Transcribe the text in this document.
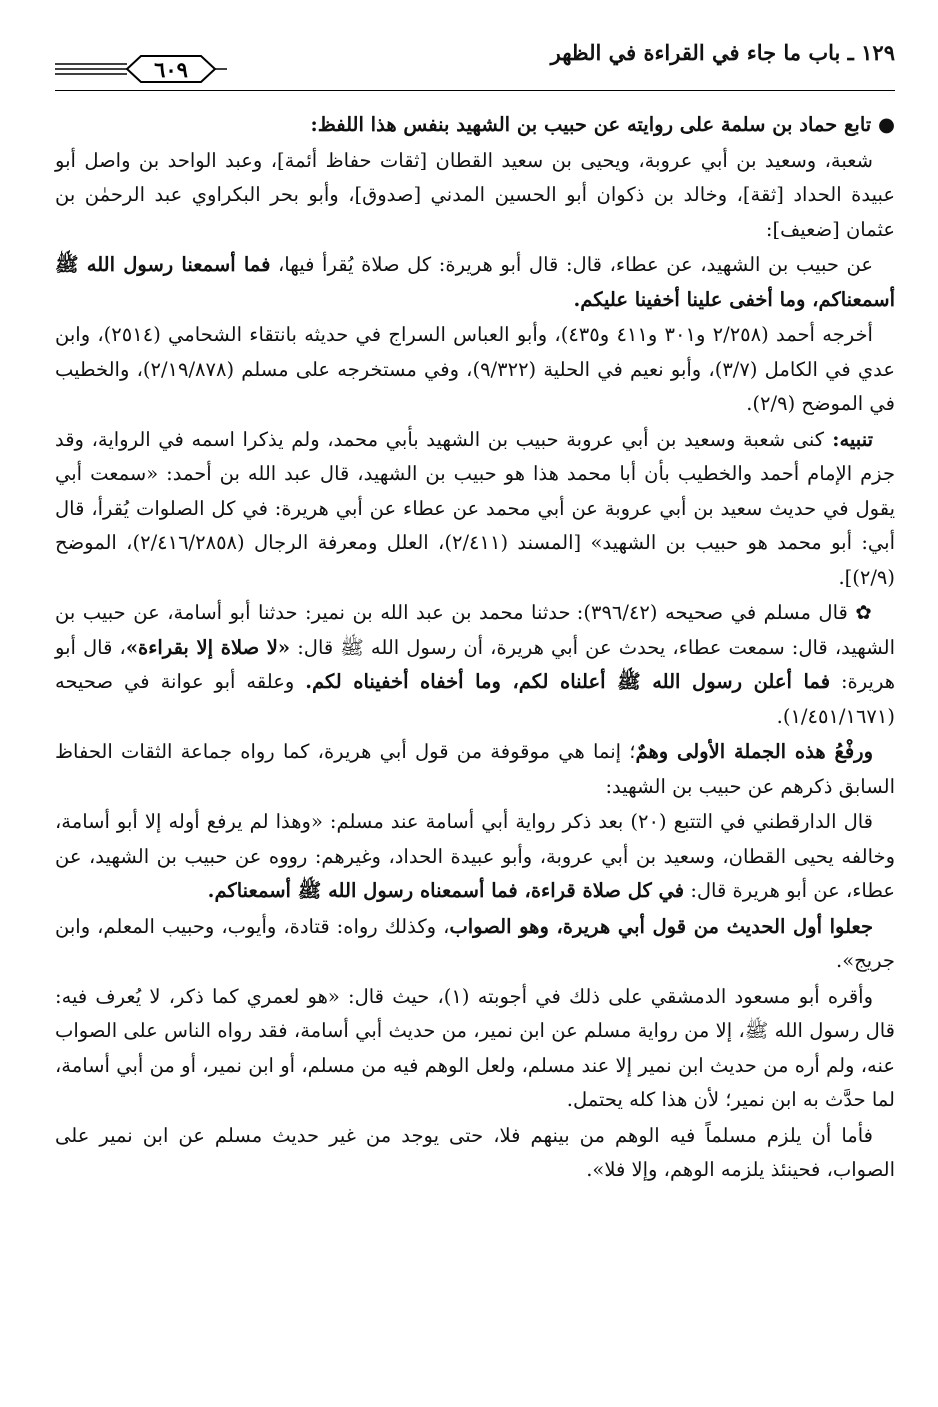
١٢٩ ـ باب ما جاء في القراءة في الظهر
٦٠٩

● تابع حماد بن سلمة على روايته عن حبيب بن الشهيد بنفس هذا اللفظ:

شعبة، وسعيد بن أبي عروبة، ويحيى بن سعيد القطان [ثقات حفاظ أئمة]، وعبد الواحد بن واصل أبو عبيدة الحداد [ثقة]، وخالد بن ذكوان أبو الحسين المدني [صدوق]، وأبو بحر البكراوي عبد الرحمٰن بن عثمان [ضعيف]:

عن حبيب بن الشهيد، عن عطاء، قال: قال أبو هريرة: كل صلاة يُقرأ فيها، فما أسمعنا رسول الله ﷺ أسمعناكم، وما أخفى علينا أخفينا عليكم.

أخرجه أحمد (٢/٢٥٨ و٣٠١ و٤١١ و٤٣٥)، وأبو العباس السراج في حديثه بانتقاء الشحامي (٢٥١٤)، وابن عدي في الكامل (٣/٧)، وأبو نعيم في الحلية (٩/٣٢٢)، وفي مستخرجه على مسلم (٢/١٩/٨٧٨)، والخطيب في الموضح (٢/٩).

تنبيه: كنى شعبة وسعيد بن أبي عروبة حبيب بن الشهيد بأبي محمد، ولم يذكرا اسمه في الرواية، وقد جزم الإمام أحمد والخطيب بأن أبا محمد هذا هو حبيب بن الشهيد، قال عبد الله بن أحمد: «سمعت أبي يقول في حديث سعيد بن أبي عروبة عن أبي محمد عن عطاء عن أبي هريرة: في كل الصلوات يُقرأ، قال أبي: أبو محمد هو حبيب بن الشهيد» [المسند (٢/٤١١)، العلل ومعرفة الرجال (٢/٤١٦/٢٨٥٨)، الموضح (٢/٩)].

✿ قال مسلم في صحيحه (٣٩٦/٤٢): حدثنا محمد بن عبد الله بن نمير: حدثنا أبو أسامة، عن حبيب بن الشهيد، قال: سمعت عطاء، يحدث عن أبي هريرة، أن رسول الله ﷺ قال: «لا صلاة إلا بقراءة»، قال أبو هريرة: فما أعلن رسول الله ﷺ أعلناه لكم، وما أخفاه أخفيناه لكم. وعلقه أبو عوانة في صحيحه (١/٤٥١/١٦٧١).

ورفْعُ هذه الجملة الأولى وهمٌ؛ إنما هي موقوفة من قول أبي هريرة، كما رواه جماعة الثقات الحفاظ السابق ذكرهم عن حبيب بن الشهيد:

قال الدارقطني في التتبع (٢٠) بعد ذكر رواية أبي أسامة عند مسلم: «وهذا لم يرفع أوله إلا أبو أسامة، وخالفه يحيى القطان، وسعيد بن أبي عروبة، وأبو عبيدة الحداد، وغيرهم: رووه عن حبيب بن الشهيد، عن عطاء، عن أبو هريرة قال: في كل صلاة قراءة، فما أسمعناه رسول الله ﷺ أسمعناكم.

جعلوا أول الحديث من قول أبي هريرة، وهو الصواب، وكذلك رواه: قتادة، وأيوب، وحبيب المعلم، وابن جريج».

وأقره أبو مسعود الدمشقي على ذلك في أجوبته (١)، حيث قال: «هو لعمري كما ذكر، لا يُعرف فيه: قال رسول الله ﷺ، إلا من رواية مسلم عن ابن نمير، من حديث أبي أسامة، فقد رواه الناس على الصواب عنه، ولم أره من حديث ابن نمير إلا عند مسلم، ولعل الوهم فيه من مسلم، أو ابن نمير، أو من أبي أسامة، لما حدَّث به ابن نمير؛ لأن هذا كله يحتمل.

فأما أن يلزم مسلماً فيه الوهم من بينهم فلا، حتى يوجد من غير حديث مسلم عن ابن نمير على الصواب، فحينئذ يلزمه الوهم، وإلا فلا».
